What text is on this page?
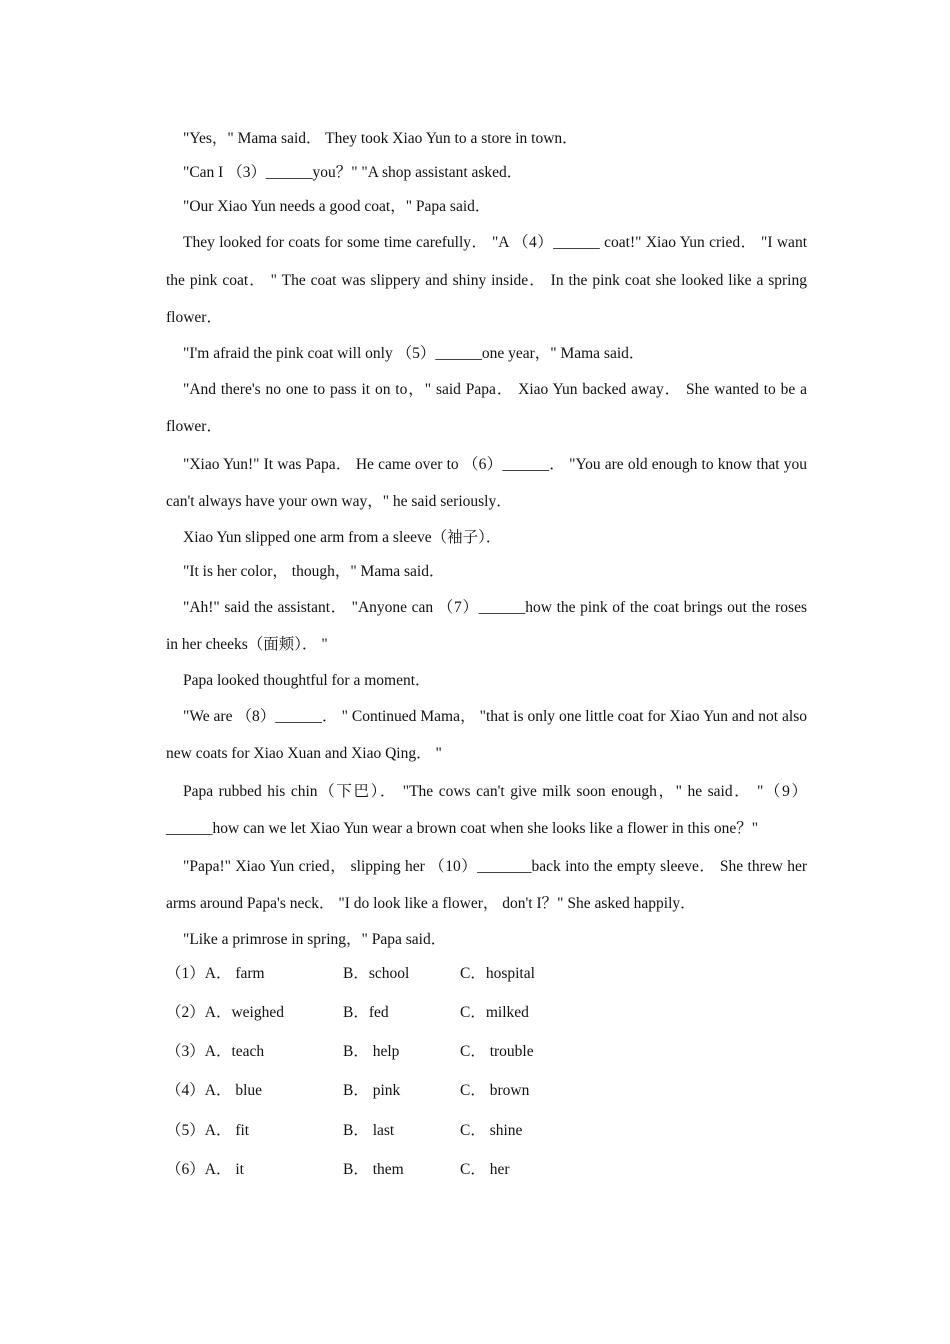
"Yes，" Mama said． They took Xiao Yun to a store in town．

"Can I （3）______you？" "A shop assistant asked．

"Our Xiao Yun needs a good coat，" Papa said．

They looked for coats for some time carefully． "A （4）______ coat!" Xiao Yun cried． "I want the pink coat． " The coat was slippery and shiny inside． In the pink coat she looked like a spring flower．

"I'm afraid the pink coat will only （5）______one year，" Mama said．

"And there's no one to pass it on to，" said Papa． Xiao Yun backed away． She wanted to be a flower．

"Xiao Yun!" It was Papa． He came over to （6）______． "You are old enough to know that you can't always have your own way，" he said seriously．

Xiao Yun slipped one arm from a sleeve（袖子）．

"It is her color， though，" Mama said．

"Ah!" said the assistant． "Anyone can （7）______how the pink of the coat brings out the roses in her cheeks（面颊）． "

Papa looked thoughtful for a moment．

"We are （8）______． " Continued Mama， "that is only one little coat for Xiao Yun and not also new coats for Xiao Xuan and Xiao Qing． "

Papa rubbed his chin（下巴）． "The cows can't give milk soon enough，" he said． "（9）______how can we let Xiao Yun wear a brown coat when she looks like a flower in this one？"

"Papa!" Xiao Yun cried， slipping her （10）_______back into the empty sleeve． She threw her arms around Papa's neck． "I do look like a flower， don't I？" She asked happily．

"Like a primrose in spring，" Papa said．

（1）A． farm	B．school	C．hospital
（2）A．weighed	B．fed	C．milked
（3）A．teach	B． help	C． trouble
（4）A． blue	B． pink	C． brown
（5）A． fit	B． last	C． shine
（6）A． it	B． them	C． her
